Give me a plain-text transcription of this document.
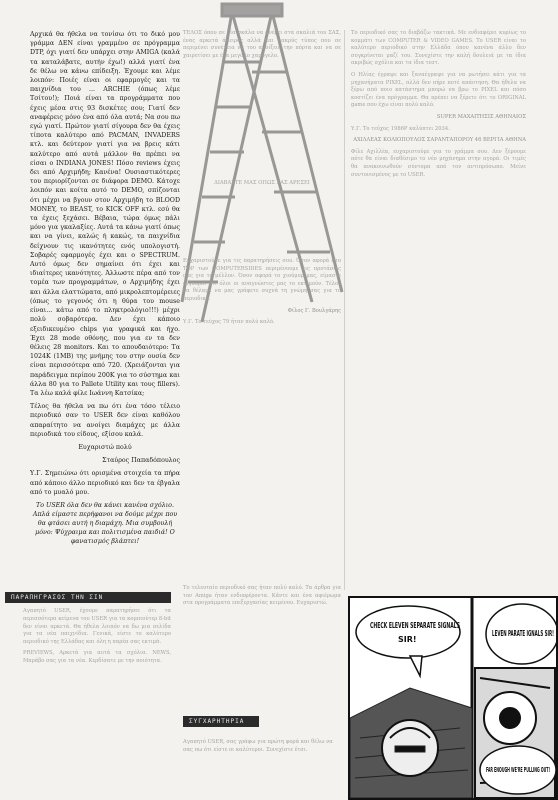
Αρχικά θα ήθελα να τονίσω ότι το δικό μου γράμμα ΔΕΝ είναι γραμμένο σε πρόγραμμα DTP, όχι γιατί δεν υπάρχει στην AMIGA (καλά τα καταλάβατε, αυτήν έχω!) αλλά γιατί ένα δε θέλω να κάνω επίδειξη. Έχουμε και λέμε λοιπόν: Ποιές είναι οι εφαρμογές και τα παιχνίδια του ... ARCHIE (όπως λέμε Τσίτου!); Ποιά είναι τα προγράμματα που έχεις μέσα στις 93 δισκέτες σου; Γιατί δεν αναφέρεις μόνο ένα από όλα αυτά; Να σου πω εγώ γιατί. Πρώτον γιατί σίγουρα δεν θα έχεις τίποτα καλύτερο από PACMAN, INVADERS κτλ. και δεύτερον γιατί για να βρεις κάτι καλύτερο από αυτά μάλλον θα πρέπει να είσαι ο INDIANA JONES! Πόσο reviews έχεις δει από Αρχιμήδη; Κανένα! Ουσιαστικότερες του περιορίζονται σε διάφορα DEMO. Κάτοχε λοιπόν και κοίτα αυτό το DEMO, σπίζονται ότι μέχρι να βγουν στον Αρχιμήδη το BLOOD MONEY, το BEAST, το KICK OFF κτλ. εσύ θα τα έχεις ξεχάσει. Βέβαια, τώρα όμως πάλι μόνο για γκαλαξίες. Αυτά τα κάνω γιατί όπως και να γίνει, καλώς ή κακώς, τα παιχνίδια δείχνουν τις ικανότητες ενός υπολογιστή. Σοβαρές εφαρμογές έχει και ο SPECTRUM. Αυτό όμως δεν σημαίνει ότι έχει και ιδιαίτερες ικανότητες. Άλλωστε πέρα από τον τομέα των προγραμμάτων, ο Αρχιμήδης έχει και άλλα ελαττώματα, από μικρολεπτομέρειες (όπως το γεγονός ότι η θύρα του mouse είναι... κάτω από το πληκτρολόγιο!!!) μέχρι πολύ σοβαρότερα. Δεν έχει κάποιο εξειδικευμένο chips για γραφικά και ήχο. Έχει 28 mode οθόνης, που για εν τα δεν θέλεις 28 monitors. Και το απουδαιότερο: Τα 1024K (1MB) της μνήμης του στην ουσία δεν είναι περισσότερα από 720. (Χρειάζονται για παράδειγμα περίπου 200K για το σύστημα και άλλα 80 για το Pallete Utility και τους fillers). Τα λέω καλά φίλε Ιωάννη Κατσίκα;

Τέλος θα ήθελα να πω ότι ένα τόσο τέλειο περιοδικό σαν το USER δεν είναι καθόλου απαραίτητο να ανοίγει διαμάχες με άλλα περιοδικά του είδους, εξίσου καλά.

Ευχαριστώ πολύ

Σταύρος Παπαδόπουλος

Υ.Γ. Σημειώνω ότι ορισμένα στοιχεία τα πήρα από κάποιο άλλο περιοδικό και δεν τα έβγαλα από το μυαλό μου.

Το USER όλα δεν θα κάνει κανένα σχόλιο. Απλά είμαστε περήφανοι να δούμε μέχρι που θα φτάσει αυτή η διαμάχη. Μια συμβουλή μόνο: Ψύχραιμα και πολιτισμένα παιδιά! Ο φανατισμός βλάπτει!

ΤΕΛΟΣ όπου σε μία σκάλα να ανέβει στα σκαλιά του ΣΑΣ, ένας αρκετά άπειρος αλλά και μακρύς τύπος που σε περιμένει συνέχεια να του ανοίξεις την πόρτα και να σε χαιρετίσει με ένα μεγάλο χαμόγελο.

ΔΙΑΒΑΣΤΕ ΜΑΣ ΟΠΩΣ ΣΑΣ ΑΡΕΣΕΙ

Ευχαριστούμε για τις παρατηρήσεις σου. Όσον αφορά στο TOP των COMPUTERSIDES περιμένουμε τις προτάσεις σας για το μέλλον. Όσον αφορά το χιούμορ μας, είμαστε σίγουροι ότι όλοι οι αναγνώστες μας το εκτιμούν. Τέλος θα θέλαμε να μας γράφετε συχνά τη γνώμη σας για το περιοδικό.

Φίλος Γ. Βουλγάρης

Υ.Γ. Το τεύχος 79 ήταν πολύ καλό.

Το περιοδικό σας το διαβάζω τακτικά. Με ενδιαφέρει κυρίως το κομμάτι των COMPUTER & VIDEO GAMES. Το USER είναι το καλύτερο περιοδικό στην Ελλάδα όπου κανένα άλλο δεν συγκρίνεται μαζί του. Συνεχίστε την καλή δουλειά με τα ίδια ακριβώς σχόλια και τα ίδια τεστ.

Ο Ηλίας έγραψε και ξαναέγραψε για να ρωτήσει κάτι για τα μηχανήματα PIXEL, αλλά δεν πήρε ποτέ απάντηση. Θα ήθελα να ξέρω από ποιο κατάστημα μπορώ να βρω το PIXEL και πόσο κοστίζει ένα πρόγραμμα. Θα πρέπει να ξέρετε ότι το ORIGINAL game που έχω είναι πολύ καλό.

SUPER ΜΑΧΑΙΤΗΣΙΣ ΑΘΗΝΑΙΟΣ

Υ.Γ. Το τεύχος 1986Ρ καλύπτει 2034.

ΑΧΙΛΛΕΑΣ ΚΟΛΙΟΠΟΥΛΟΣ ΣΑΡΑΝΤΑΠΟΡΟΥ 46 ΒΕΡΓΙΑ ΑΘΗΝΑ

Φίλε Αχιλλέα, ευχαριστούμε για το γράμμα σου. Δεν ξέρουμε πότε θα είναι διαθέσιμο το νέο μηχάνημα στην αγορά. Οι τιμές θα ανακοινωθούν σύντομα από τον αντιπρόσωπο. Μείνε συντονισμένος με το USER.

ΠΑΡΑΠΗΓΡΑΣΟΣ ΤΗΝ ΣΙΝ

Αγαπητό USER, έχουμε παρατηρήσει ότι τα περισσότερα κείμενα του USER για τα κομπιούτερ 8-bit δεν είναι αρκετά. Θα ήθελα λοιπόν να δω μια σελίδα για τα νέα παιχνίδια. Γενικά, είστε το καλύτερο περιοδικό της Ελλάδας και όλη η παρέα σας εκτιμά.

PREVIEWS, Αρκετά για αυτά τα σχόλια. NEWS, Μπράβο σας για τα νέα. Κερδίσατε με την ποιότητα.

Το τελευταίο περιοδικό σας ήταν πολύ καλό. Τα άρθρα για τον Amiga ήταν ενδιαφέροντα. Κάντε και ένα αφιέρωμα στα προγράμματα επεξεργασίας κειμένου. Ευχαριστώ.

ΣΥΓΧΑΡΗΤΗΡΙΑ

Αγαπητό USER, σας γράφω για πρώτη φορά και θέλω να σας πω ότι είστε οι καλύτεροι. Συνεχίστε έτσι.

CHECK ELEVEN SEPARATE SIGNALS
SIR!
LEVEN PARATE IGNALS SIR!
FAR ENOUGH WE'RE PULLING OUT!
